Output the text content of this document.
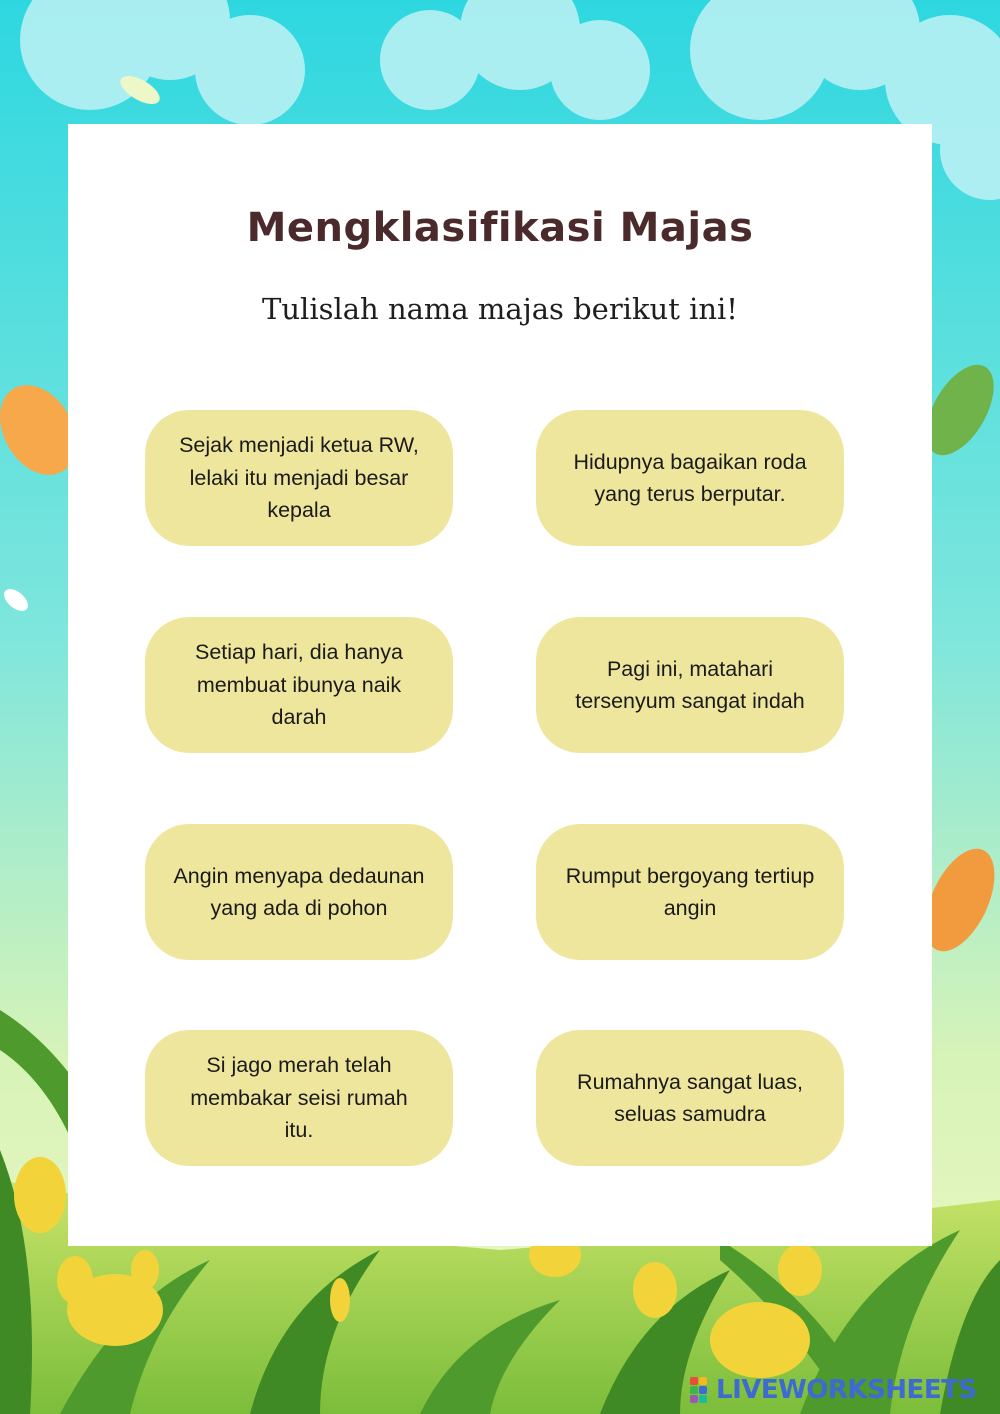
Mengklasifikasi Majas

Tulislah nama majas berikut ini!

Sejak menjadi ketua RW, lelaki itu menjadi besar kepala
Hidupnya bagaikan roda yang terus berputar.
Setiap hari, dia hanya membuat ibunya naik darah
Pagi ini, matahari tersenyum sangat indah
Angin menyapa dedaunan yang ada di pohon
Rumput bergoyang tertiup angin
Si jago merah telah membakar seisi rumah itu.
Rumahnya sangat luas, seluas samudra
LIVEWORKSHEETS
